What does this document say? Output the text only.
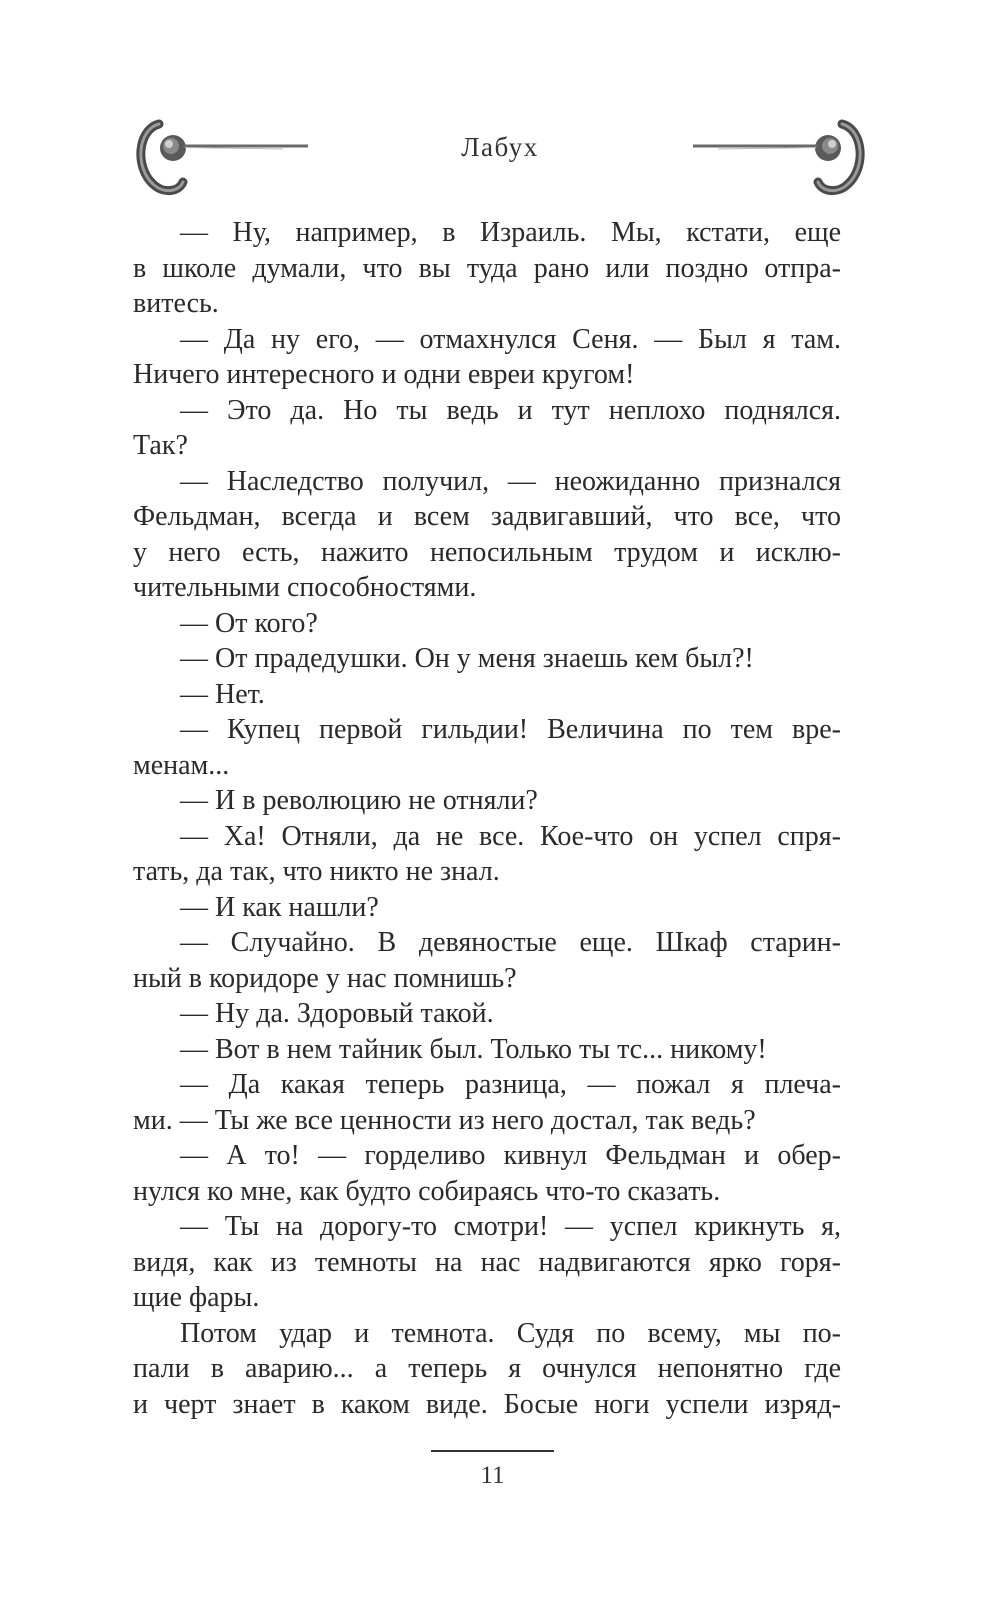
Лабух
— Ну, например, в Израиль. Мы, кстати, еще
в школе думали, что вы туда рано или поздно отпра-
витесь.
— Да ну его, — отмахнулся Сеня. — Был я там.
Ничего интересного и одни евреи кругом!
— Это да. Но ты ведь и тут неплохо поднялся.
Так?
— Наследство получил, — неожиданно признался
Фельдман, всегда и всем задвигавший, что все, что
у него есть, нажито непосильным трудом и исклю-
чительными способностями.
— От кого?
— От прадедушки. Он у меня знаешь кем был?!
— Нет.
— Купец первой гильдии! Величина по тем вре-
менам...
— И в революцию не отняли?
— Ха! Отняли, да не все. Кое-что он успел спря-
тать, да так, что никто не знал.
— И как нашли?
— Случайно. В девяностые еще. Шкаф старин-
ный в коридоре у нас помнишь?
— Ну да. Здоровый такой.
— Вот в нем тайник был. Только ты тс... никому!
— Да какая теперь разница, — пожал я плеча-
ми. — Ты же все ценности из него достал, так ведь?
— А то! — горделиво кивнул Фельдман и обер-
нулся ко мне, как будто собираясь что-то сказать.
— Ты на дорогу-то смотри! — успел крикнуть я,
видя, как из темноты на нас надвигаются ярко горя-
щие фары.
Потом удар и темнота. Судя по всему, мы по-
пали в аварию... а теперь я очнулся непонятно где
и черт знает в каком виде. Босые ноги успели изряд-
11
